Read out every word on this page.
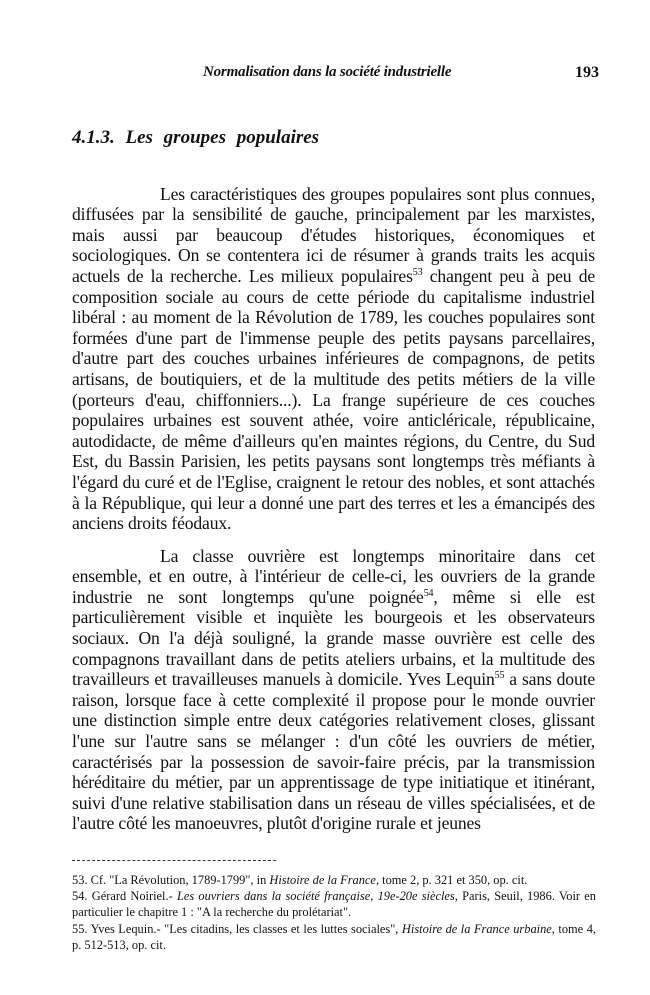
Normalisation dans la société industrielle	193
4.1.3. Les groupes populaires

Les caractéristiques des groupes populaires sont plus connues, diffusées par la sensibilité de gauche, principalement par les marxistes, mais aussi par beaucoup d'études historiques, économiques et sociologiques. On se contentera ici de résumer à grands traits les acquis actuels de la recherche. Les milieux populaires$^{53}$ changent peu à peu de composition sociale au cours de cette période du capitalisme industriel libéral : au moment de la Révolution de 1789, les couches populaires sont formées d'une part de l'immense peuple des petits paysans parcellaires, d'autre part des couches urbaines inférieures de compagnons, de petits artisans, de boutiquiers, et de la multitude des petits métiers de la ville (porteurs d'eau, chiffonniers...). La frange supérieure de ces couches populaires urbaines est souvent athée, voire anticléricale, républicaine, autodidacte, de même d'ailleurs qu'en maintes régions, du Centre, du Sud Est, du Bassin Parisien, les petits paysans sont longtemps très méfiants à l'égard du curé et de l'Eglise, craignent le retour des nobles, et sont attachés à la République, qui leur a donné une part des terres et les a émancipés des anciens droits féodaux.

La classe ouvrière est longtemps minoritaire dans cet ensemble, et en outre, à l'intérieur de celle-ci, les ouvriers de la grande industrie ne sont longtemps qu'une poignée$^{54}$, même si elle est particulièrement visible et inquiète les bourgeois et les observateurs sociaux. On l'a déjà souligné, la grande masse ouvrière est celle des compagnons travaillant dans de petits ateliers urbains, et la multitude des travailleurs et travailleuses manuels à domicile. Yves Lequin$^{55}$ a sans doute raison, lorsque face à cette complexité il propose pour le monde ouvrier une distinction simple entre deux catégories relativement closes, glissant l'une sur l'autre sans se mélanger : d'un côté les ouvriers de métier, caractérisés par la possession de savoir-faire précis, par la transmission héréditaire du métier, par un apprentissage de type initiatique et itinérant, suivi d'une relative stabilisation dans un réseau de villes spécialisées, et de l'autre côté les manoeuvres, plutôt d'origine rurale et jeunes

53. Cf. "La Révolution, 1789-1799", in Histoire de la France, tome 2, p. 321 et 350, op. cit.

54. Gérard Noiriel.- Les ouvriers dans la société française, 19e-20e siècles, Paris, Seuil, 1986. Voir en particulier le chapitre 1 : "A la recherche du prolétariat".

55. Yves Lequin.- "Les citadins, les classes et les luttes sociales", Histoire de la France urbaine, tome 4, p. 512-513, op. cit.
